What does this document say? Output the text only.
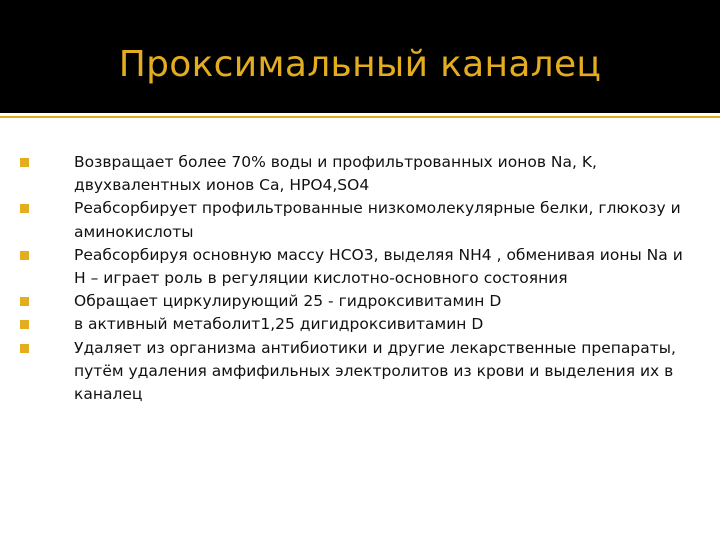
Проксимальный каналец
Возвращает более 70% воды и профильтрованных ионов Na, K, двухвалентных ионов Ca, HPO4,SO4
Реабсорбирует профильтрованные низкомолекулярные белки, глюкозу и аминокислоты
Реабсорбируя основную массу HCO3, выделяя NH4 , обменивая ионы Na и H – играет роль в регуляции кислотно-основного состояния
Обращает циркулирующий 25 - гидроксивитамин D
в активный метаболит1,25 дигидроксивитамин D
Удаляет из организма антибиотики и другие лекарственные препараты, путём удаления амфифильных электролитов из крови и выделения их в каналец
